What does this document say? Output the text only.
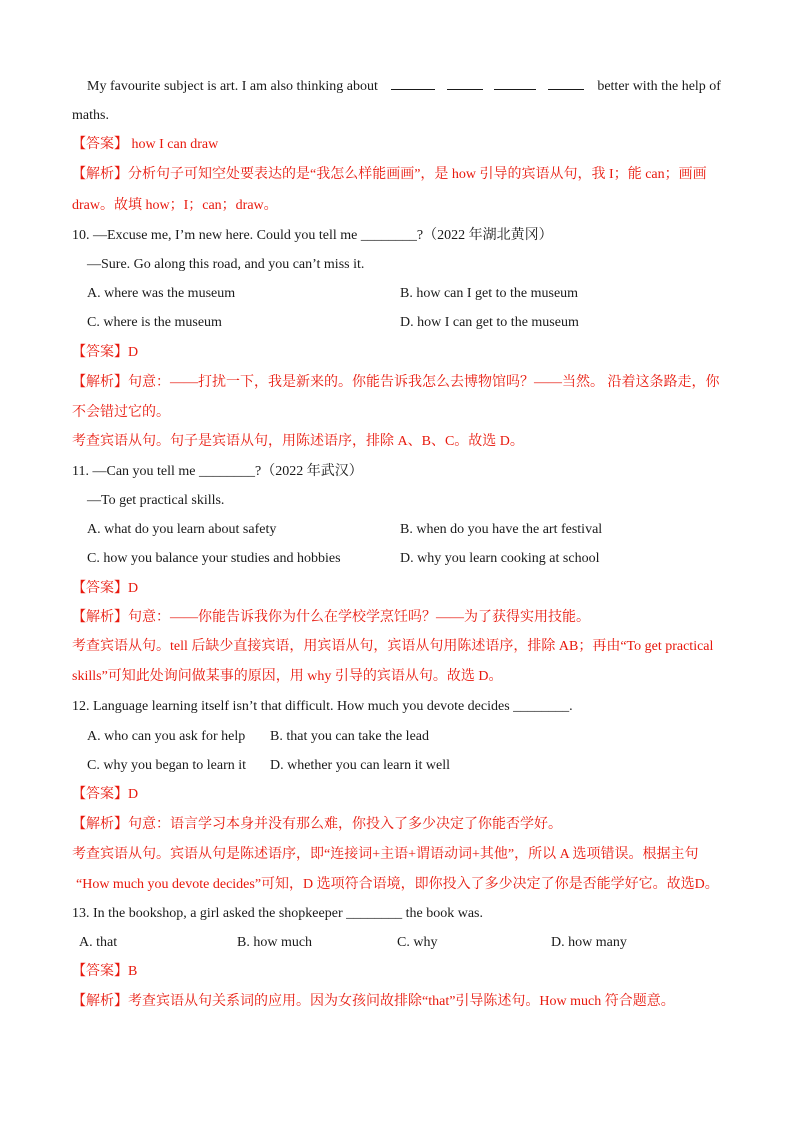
My favourite subject is art. I am also thinking about	better with the help of
maths.
【答案】 how I can draw
【解析】分析句子可知空处要表达的是“我怎么样能画画”，是 how 引导的宾语从句，我 I；能 can；画画
draw。故填 how；I；can；draw。
10. —Excuse me, I’m new here. Could you tell me ________?（2022 年湖北黄冈）
—Sure. Go along this road, and you can’t miss it.
A. where was the museum	B. how can I get to the museum
C. where is the museum	D. how I can get to the museum
【答案】D
【解析】句意：——打扰一下，我是新来的。你能告诉我怎么去博物馆吗？——当然。 沿着这条路走，你
不会错过它的。
考查宾语从句。句子是宾语从句，用陈述语序，排除 A、B、C。故选 D。
11. —Can you tell me ________?（2022 年武汉）
—To get practical skills.
A. what do you learn about safety	B. when do you have the art festival
C. how you balance your studies and hobbies	D. why you learn cooking at school
【答案】D
【解析】句意：——你能告诉我你为什么在学校学烹饪吗？——为了获得实用技能。
考查宾语从句。tell 后缺少直接宾语，用宾语从句，宾语从句用陈述语序，排除 AB；再由“To get practical
skills”可知此处询问做某事的原因，用 why 引导的宾语从句。故选 D。
12. Language learning itself isn’t that difficult. How much you devote decides ________.
A. who can you ask for help B. that you can take the lead
C. why you began to learn it D. whether you can learn it well
【答案】D
【解析】句意：语言学习本身并没有那么难，你投入了多少决定了你能否学好。
考查宾语从句。宾语从句是陈述语序，即“连接词+主语+谓语动词+其他”，所以 A 选项错误。根据主句
“How much you devote decides”可知，D 选项符合语境，即你投入了多少决定了你是否能学好它。故选D。
13. In the bookshop, a girl asked the shopkeeper ________ the book was.
A. that	B. how much	C. why	D. how many
【答案】B
【解析】考查宾语从句关系词的应用。因为女孩问故排除“that”引导陈述句。How much 符合题意。
